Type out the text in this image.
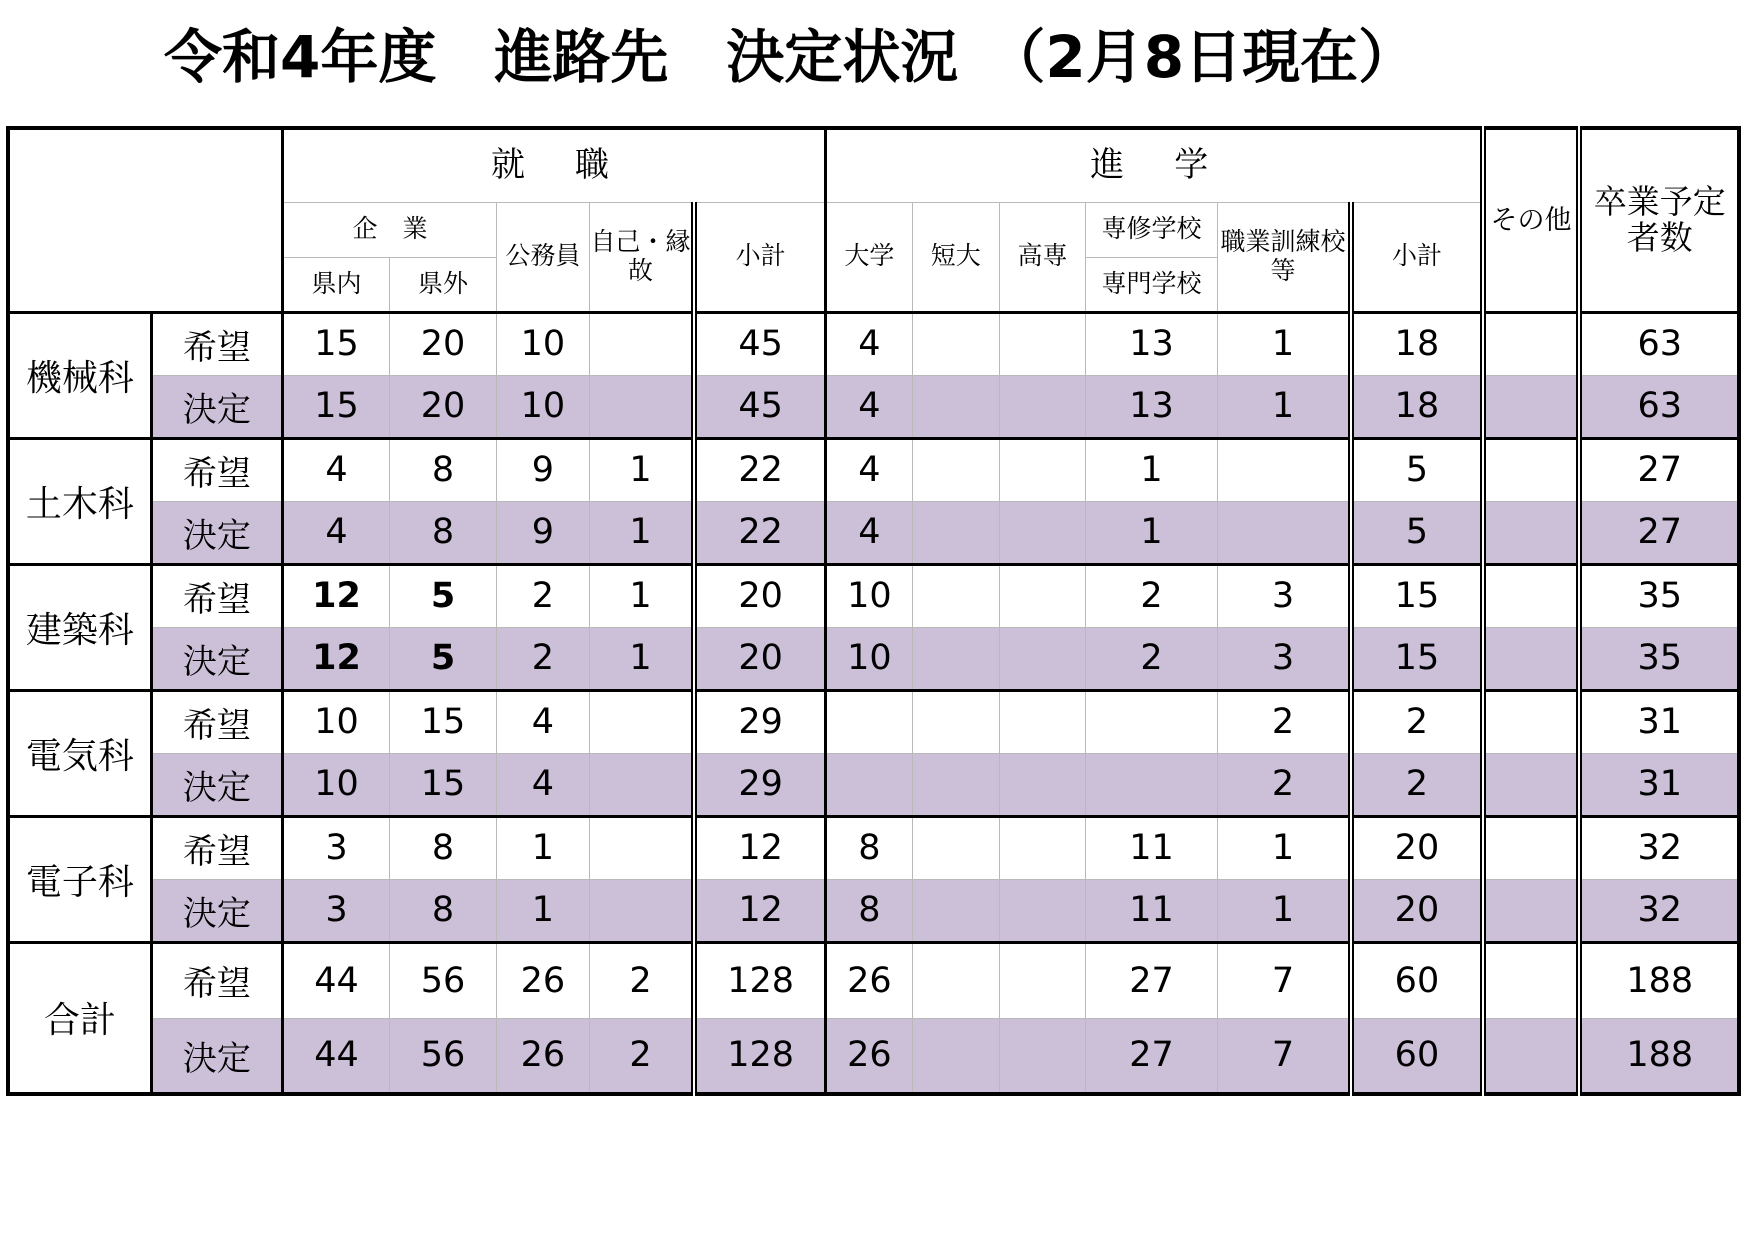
令和4年度　進路先　決定状況　（2月8日現在）
		就　職					進　学						その他	卒業予定者数
		企　業		公務員	自己・縁故	小計	大学	短大	高専	専修学校	職業訓練校等	小計		
		県内	県外							専門学校				
機械科	希望	15	20	10		45	4			13	1	18		63
	決定	15	20	10		45	4			13	1	18		63
土木科	希望	4	8	9	1	22	4			1		5		27
	決定	4	8	9	1	22	4			1		5		27
建築科	希望	12	5	2	1	20	10			2	3	15		35
	決定	12	5	2	1	20	10			2	3	15		35
電気科	希望	10	15	4		29					2	2		31
	決定	10	15	4		29					2	2		31
電子科	希望	3	8	1		12	8			11	1	20		32
	決定	3	8	1		12	8			11	1	20		32
合計	希望	44	56	26	2	128	26			27	7	60		188
	決定	44	56	26	2	128	26			27	7	60		188
